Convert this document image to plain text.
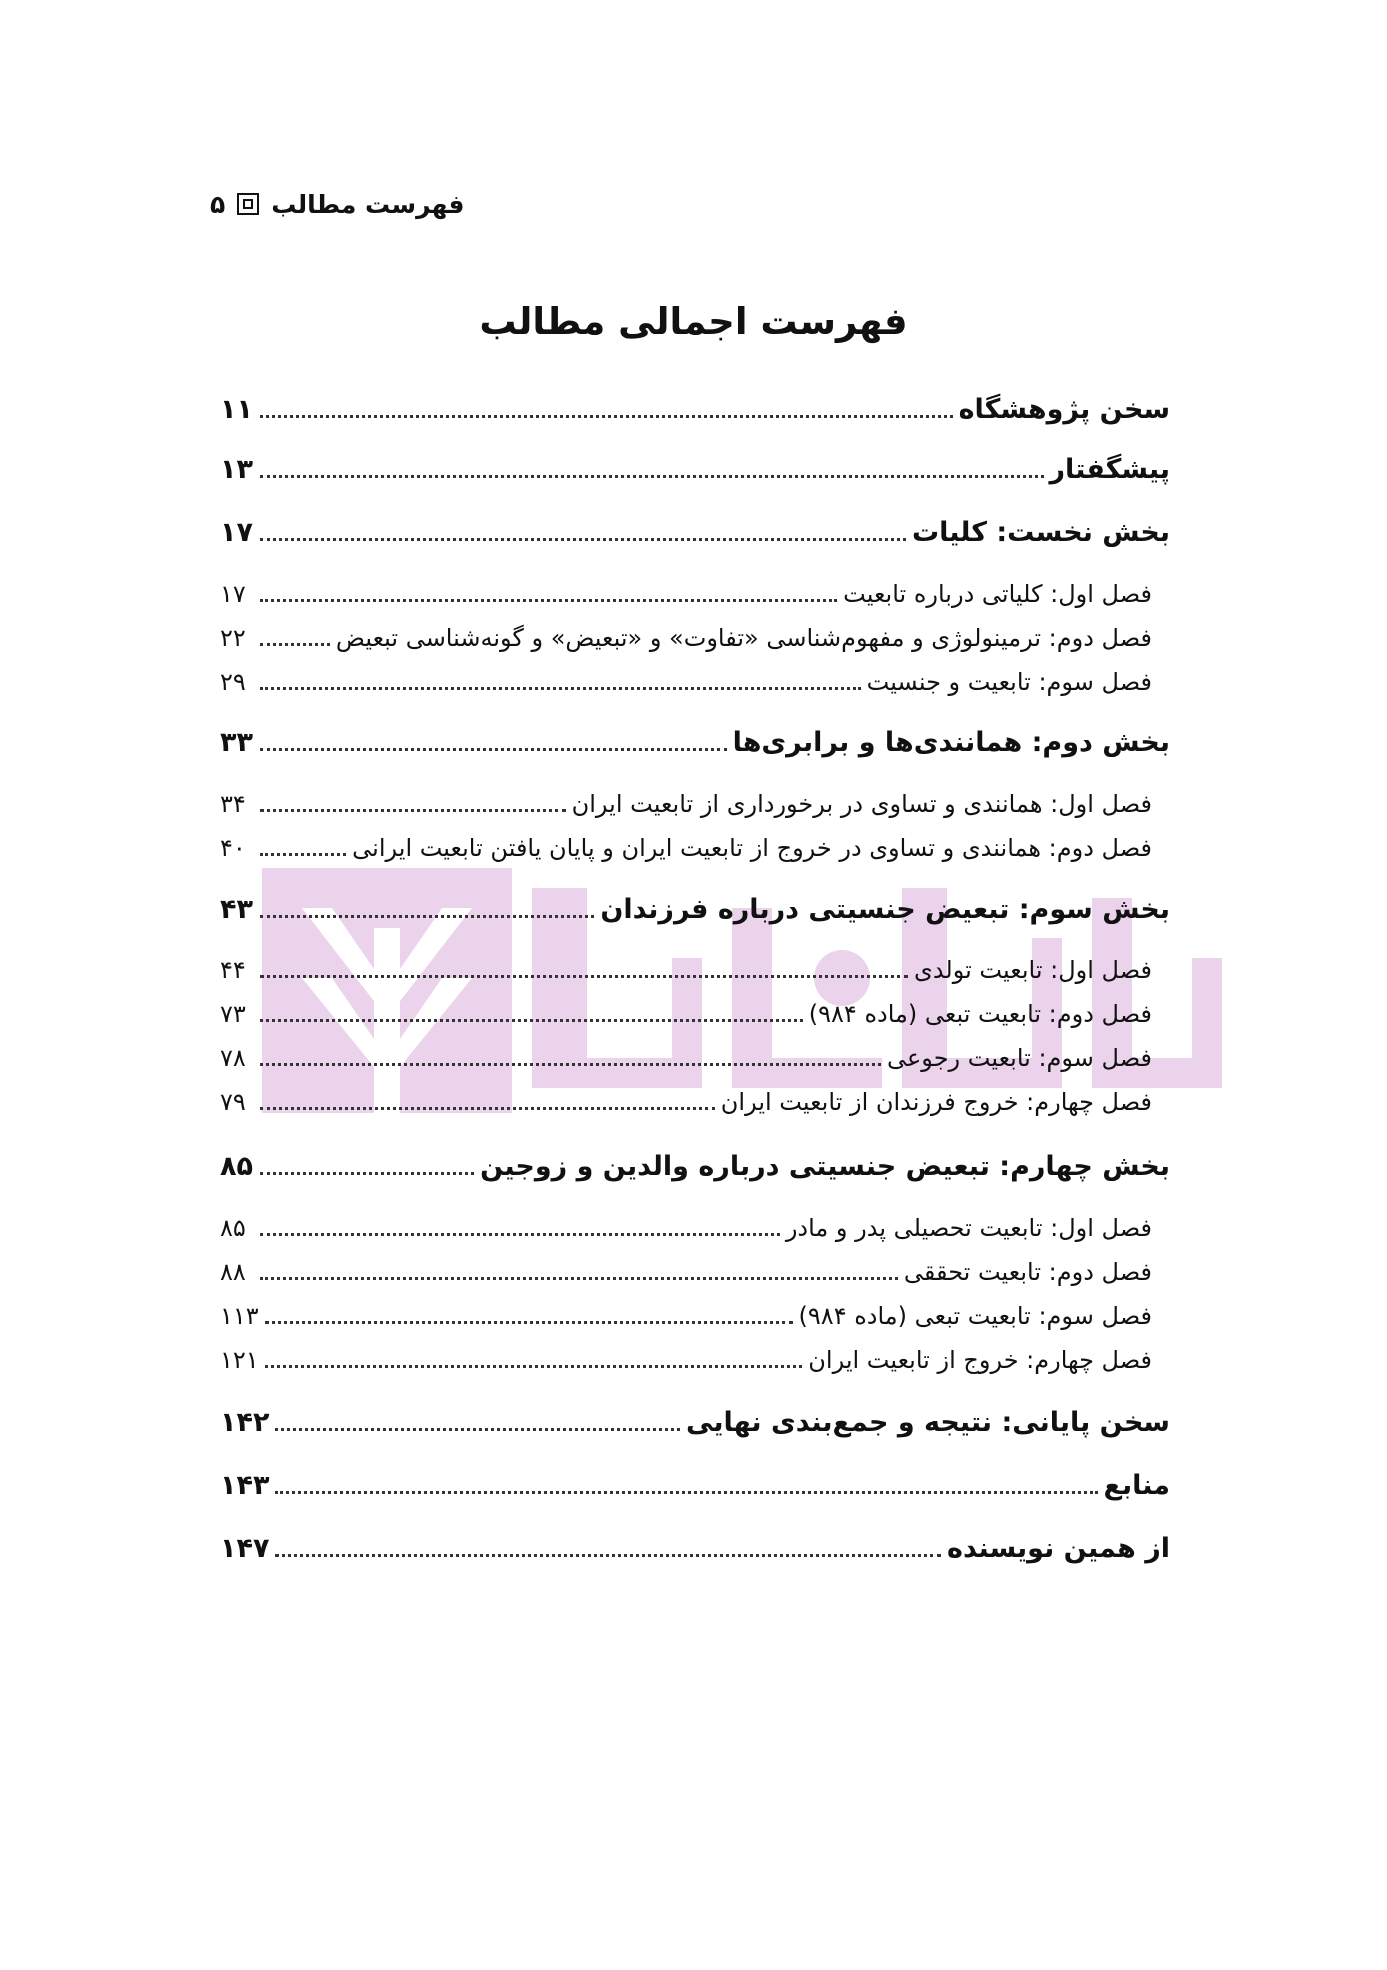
۵ فهرست مطالب
فهرست اجمالی مطالب
سخن پژوهشگاه
۱۱
پیشگفتار
۱۳
بخش نخست: کلیات
۱۷
فصل اول: کلیاتی درباره تابعیت
۱۷
فصل دوم: ترمینولوژی و مفهوم‌شناسی «تفاوت» و «تبعیض» و گونه‌شناسی تبعیض
۲۲
فصل سوم: تابعیت و جنسیت
۲۹
بخش دوم: همانندی‌ها و برابری‌ها
۳۳
فصل اول: همانندی و تساوی در برخورداری از تابعیت ایران
۳۴
فصل دوم: همانندی و تساوی در خروج از تابعیت ایران و پایان یافتن تابعیت ایرانی
۴۰
بخش سوم: تبعیض جنسیتی درباره فرزندان
۴۳
فصل اول: تابعیت تولدی
۴۴
فصل دوم: تابعیت تبعی (ماده ۹۸۴)
۷۳
فصل سوم: تابعیت رجوعی
۷۸
فصل چهارم: خروج فرزندان از تابعیت ایران
۷۹
بخش چهارم: تبعیض جنسیتی درباره والدین و زوجین
۸۵
فصل اول: تابعیت تحصیلی پدر و مادر
۸۵
فصل دوم: تابعیت تحققی
۸۸
فصل سوم: تابعیت تبعی (ماده ۹۸۴)
۱۱۳
فصل چهارم: خروج از تابعیت ایران
۱۲۱
سخن پایانی: نتیجه و جمع‌بندی نهایی
۱۴۲
منابع
۱۴۳
از همین نویسنده
۱۴۷
